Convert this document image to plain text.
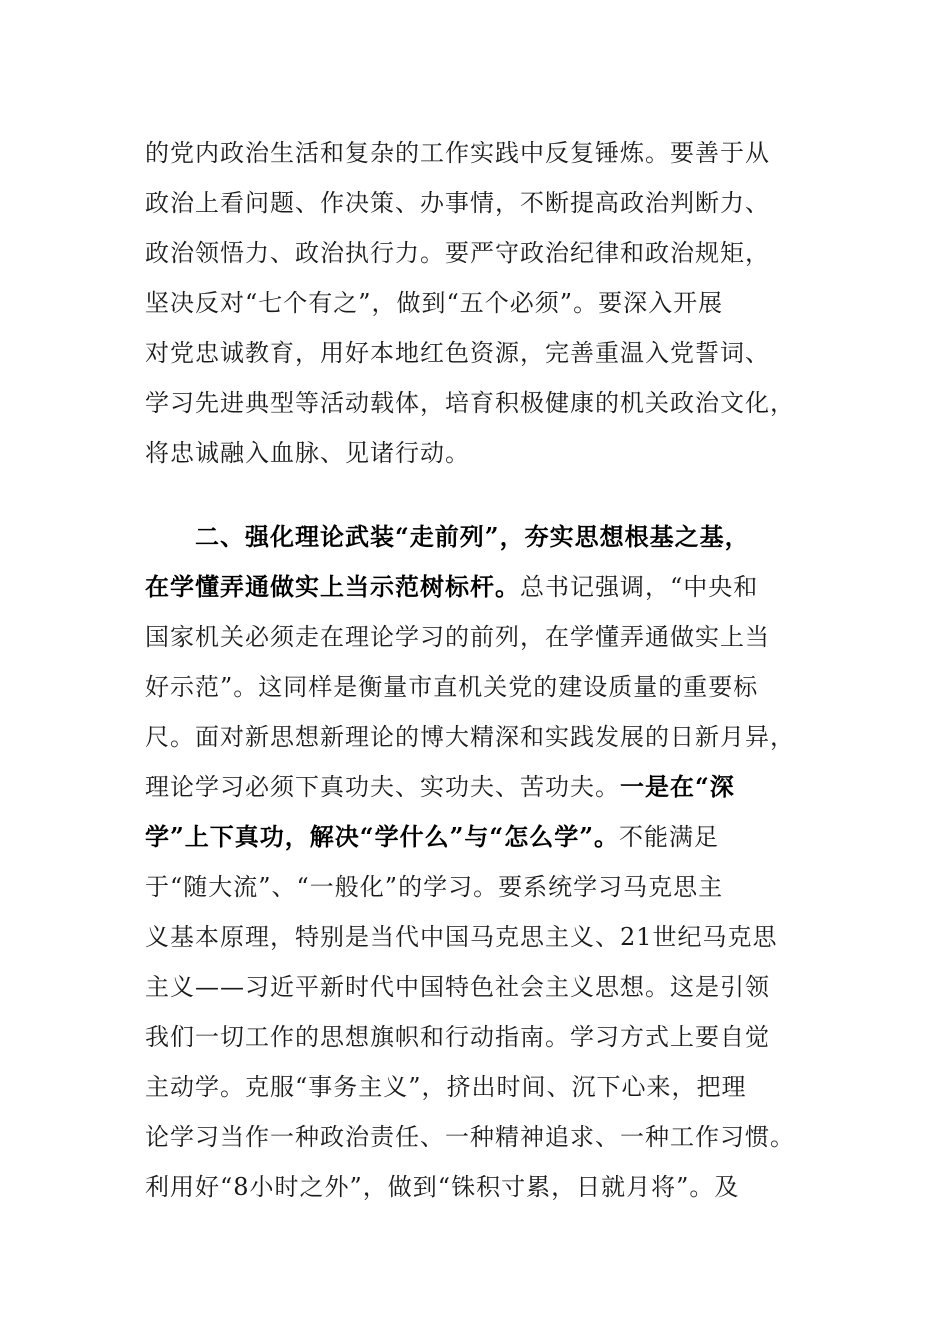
的党内政治生活和复杂的工作实践中反复锤炼。要善于从
政治上看问题、作决策、办事情，不断提高政治判断力、
政治领悟力、政治执行力。要严守政治纪律和政治规矩，
坚决反对“七个有之”，做到“五个必须”。要深入开展
对党忠诚教育，用好本地红色资源，完善重温入党誓词、
学习先进典型等活动载体，培育积极健康的机关政治文化，
将忠诚融入血脉、见诸行动。
　　二、强化理论武装“走前列”，夯实思想根基之基，
在学懂弄通做实上当示范树标杆。总书记强调，“中央和
国家机关必须走在理论学习的前列，在学懂弄通做实上当
好示范”。这同样是衡量市直机关党的建设质量的重要标
尺。面对新思想新理论的博大精深和实践发展的日新月异，
理论学习必须下真功夫、实功夫、苦功夫。一是在“深
学”上下真功，解决“学什么”与“怎么学”。不能满足
于“随大流”、“一般化”的学习。要系统学习马克思主
义基本原理，特别是当代中国马克思主义、21世纪马克思
主义——习近平新时代中国特色社会主义思想。这是引领
我们一切工作的思想旗帜和行动指南。学习方式上要自觉
主动学。克服“事务主义”，挤出时间、沉下心来，把理
论学习当作一种政治责任、一种精神追求、一种工作习惯。
利用好“8小时之外”，做到“铢积寸累，日就月将”。及
